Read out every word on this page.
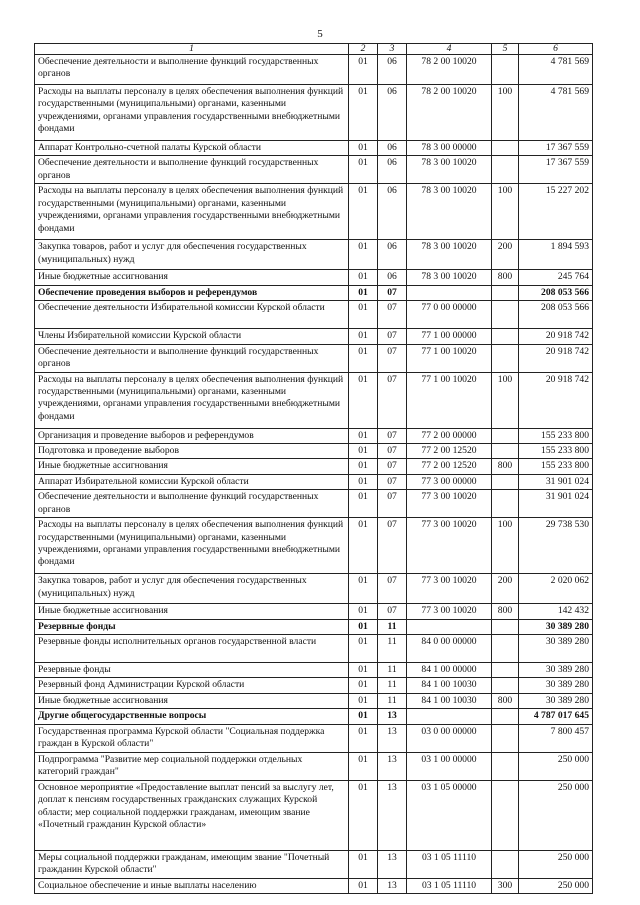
5
1	2	3	4	5	6
Обеспечение деятельности и выполнение функций государственных органов	01	06	78 2 00 10020		4 781 569
Расходы на выплаты персоналу в целях обеспечения выполнения функций государственными (муниципальными) органами, казенными учреждениями, органами управления государственными внебюджетными фондами	01	06	78 2 00 10020	100	4 781 569
Аппарат Контрольно-счетной палаты Курской области	01	06	78 3 00 00000		17 367 559
Обеспечение деятельности и выполнение функций государственных органов	01	06	78 3 00 10020		17 367 559
Расходы на выплаты персоналу в целях обеспечения выполнения функций государственными (муниципальными) органами, казенными учреждениями, органами управления государственными внебюджетными фондами	01	06	78 3 00 10020	100	15 227 202
Закупка товаров, работ и услуг для обеспечения государственных (муниципальных) нужд	01	06	78 3 00 10020	200	1 894 593
Иные бюджетные ассигнования	01	06	78 3 00 10020	800	245 764
Обеспечение проведения выборов и референдумов	01	07			208 053 566
Обеспечение деятельности Избирательной комиссии Курской области	01	07	77 0 00 00000		208 053 566
Члены Избирательной комиссии Курской области	01	07	77 1 00 00000		20 918 742
Обеспечение деятельности и выполнение функций государственных органов	01	07	77 1 00 10020		20 918 742
Расходы на выплаты персоналу в целях обеспечения выполнения функций государственными (муниципальными) органами, казенными учреждениями, органами управления государственными внебюджетными фондами	01	07	77 1 00 10020	100	20 918 742
Организация и проведение выборов и референдумов	01	07	77 2 00 00000		155 233 800
Подготовка и проведение выборов	01	07	77 2 00 12520		155 233 800
Иные бюджетные ассигнования	01	07	77 2 00 12520	800	155 233 800
Аппарат Избирательной комиссии Курской области	01	07	77 3 00 00000		31 901 024
Обеспечение деятельности и выполнение функций государственных органов	01	07	77 3 00 10020		31 901 024
Расходы на выплаты персоналу в целях обеспечения выполнения функций государственными (муниципальными) органами, казенными учреждениями, органами управления государственными внебюджетными фондами	01	07	77 3 00 10020	100	29 738 530
Закупка товаров, работ и услуг для обеспечения государственных (муниципальных) нужд	01	07	77 3 00 10020	200	2 020 062
Иные бюджетные ассигнования	01	07	77 3 00 10020	800	142 432
Резервные фонды	01	11			30 389 280
Резервные фонды исполнительных органов государственной власти	01	11	84 0 00 00000		30 389 280
Резервные фонды	01	11	84 1 00 00000		30 389 280
Резервный фонд Администрации Курской области	01	11	84 1 00 10030		30 389 280
Иные бюджетные ассигнования	01	11	84 1 00 10030	800	30 389 280
Другие общегосударственные вопросы	01	13			4 787 017 645
Государственная программа Курской области "Социальная поддержка граждан в Курской области"	01	13	03 0 00 00000		7 800 457
Подпрограмма "Развитие мер социальной поддержки отдельных категорий граждан"	01	13	03 1 00 00000		250 000
Основное мероприятие «Предоставление выплат пенсий за выслугу лет, доплат к пенсиям государственных гражданских служащих Курской области; мер социальной поддержки гражданам, имеющим звание «Почетный гражданин Курской области»	01	13	03 1 05 00000		250 000
Меры социальной поддержки гражданам, имеющим звание "Почетный гражданин Курской области"	01	13	03 1 05 11110		250 000
Социальное обеспечение и иные выплаты населению	01	13	03 1 05 11110	300	250 000
